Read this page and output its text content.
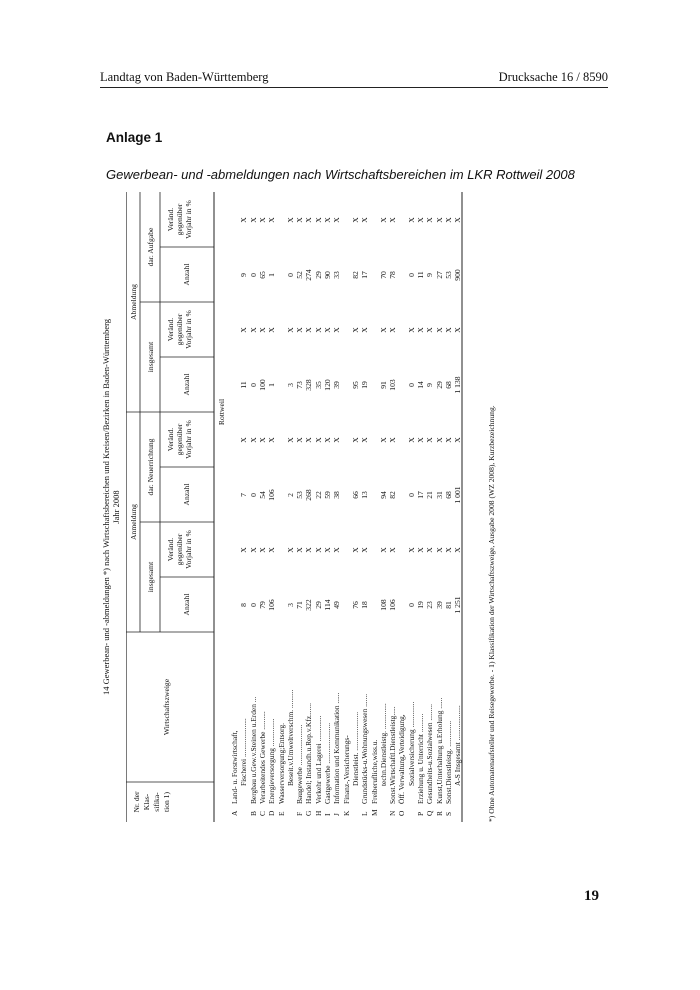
Landtag von Baden-Württemberg	Drucksache 16 / 8590
Anlage 1
Gewerbean- und -abmeldungen nach Wirtschaftsbereichen im LKR Rottweil 2008
14 Gewerbean- und -abmeldungen *) nach Wirtschaftsbereichen und Kreisen/Bezirken in Baden-Württemberg Jahr 2008
Nr. der Klas- sifika- tion 1)
Wirtschaftszweige
Anmeldung
Abmeldung
insgesamt
dar. Neuerrichtung
insgesamt
dar. Aufgabe
Anzahl
Veränd. gegenüber Vorjahr in %
Anzahl
Veränd. gegenüber Vorjahr in %
Anzahl
Veränd. gegenüber Vorjahr in %
Anzahl
Veränd. gegenüber Vorjahr in %
Rottweil
ALand- u. Forstwirtschaft, Fischerei .....................
8
X
7
X
11
X
9
X
BBergbau u.Gew.v.Steinen u.Erden ...
0
X
0
X
0
X
0
X
CVerarbeitendes Gewerbe ..........
79
X
54
X
100
X
65
X
DEnergieversorgung ...............
106
X
106
X
1
X
1
X
EWasserversorgung;Entsorg. Beseit.v.Umweltverschm. ..........
3
X
2
X
3
X
0
X
FBaugewerbe ......................
71
X
53
X
73
X
52
X
GHandel; Instandh.u.Rep.v.Kfz.......
322
X
268
X
328
X
274
X
HVerkehr und Lagerei ..............
29
X
22
X
35
X
29
X
IGastgewerbe ......................
114
X
59
X
120
X
90
X
JInformation und Kommunikation ......
49
X
38
X
39
X
33
X
KFinanz-,Versicherungs- Dienstleist. .....................
76
X
66
X
95
X
82
X
LGrundstücks-u.Wohnungswesen .......
18
X
13
X
19
X
17
X
MFreiberufliche,wiss.u. techn.Dienstleistg. ..............
108
X
94
X
91
X
70
X
NSonst.Wirtschaftl.Dienstleistg.....
106
X
82
X
103
X
78
X
OÖff. Verwaltung,Verteidigung, Sozialversicherung ..............
0
X
0
X
0
X
0
X
PErziehung u. Unterricht ..........
19
X
17
X
14
X
11
X
QGesundheits-u.Sozialwesen .........
23
X
21
X
9
X
9
X
RKunst,Unterhaltung u.Erholung ......
39
X
31
X
29
X
27
X
SSonst.Dienstleistg. ..............
81
X
68
X
68
X
53
X
A-S Insgesamt ...................
1 251
X
1 001
X
1 138
X
900
X
*) Ohne Automatenaufsteller und Reisegewerbe. - 1) Klassifikation der Wirtschaftszweige, Ausgabe 2008 (WZ 2008), Kurzbezeichnung.
19
